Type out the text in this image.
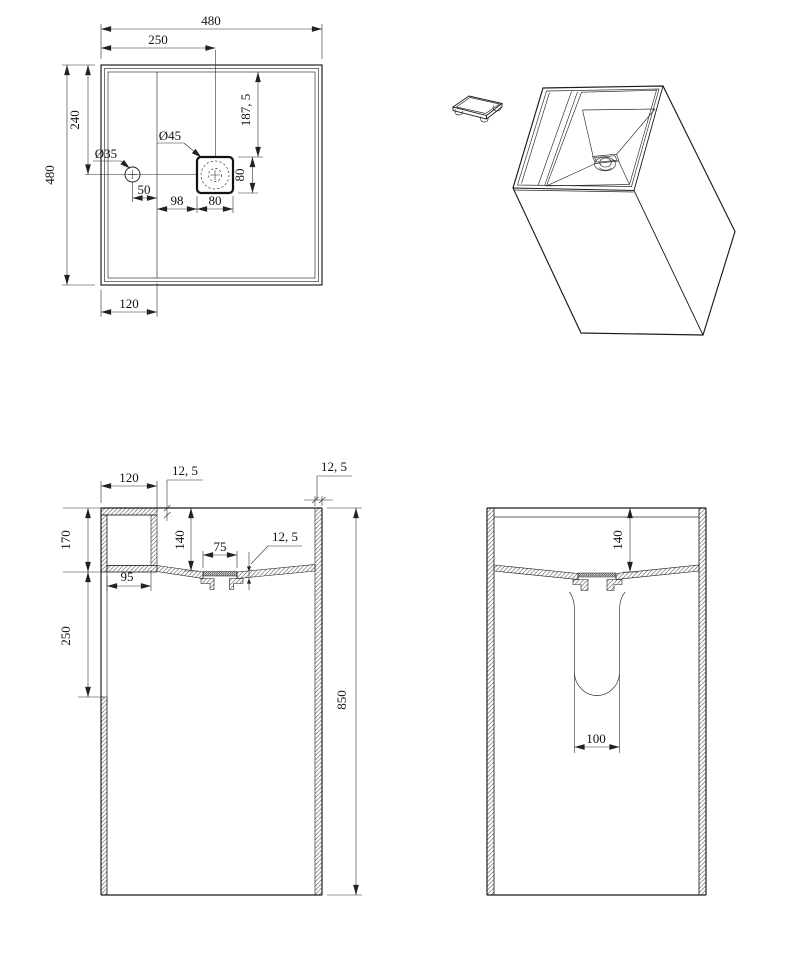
480
250
480
240	187, 5
Ø35
Ø45
50
98 80
80
120
120	12, 5	12, 5
140 75
12, 5
170
95
250
850
140
100
